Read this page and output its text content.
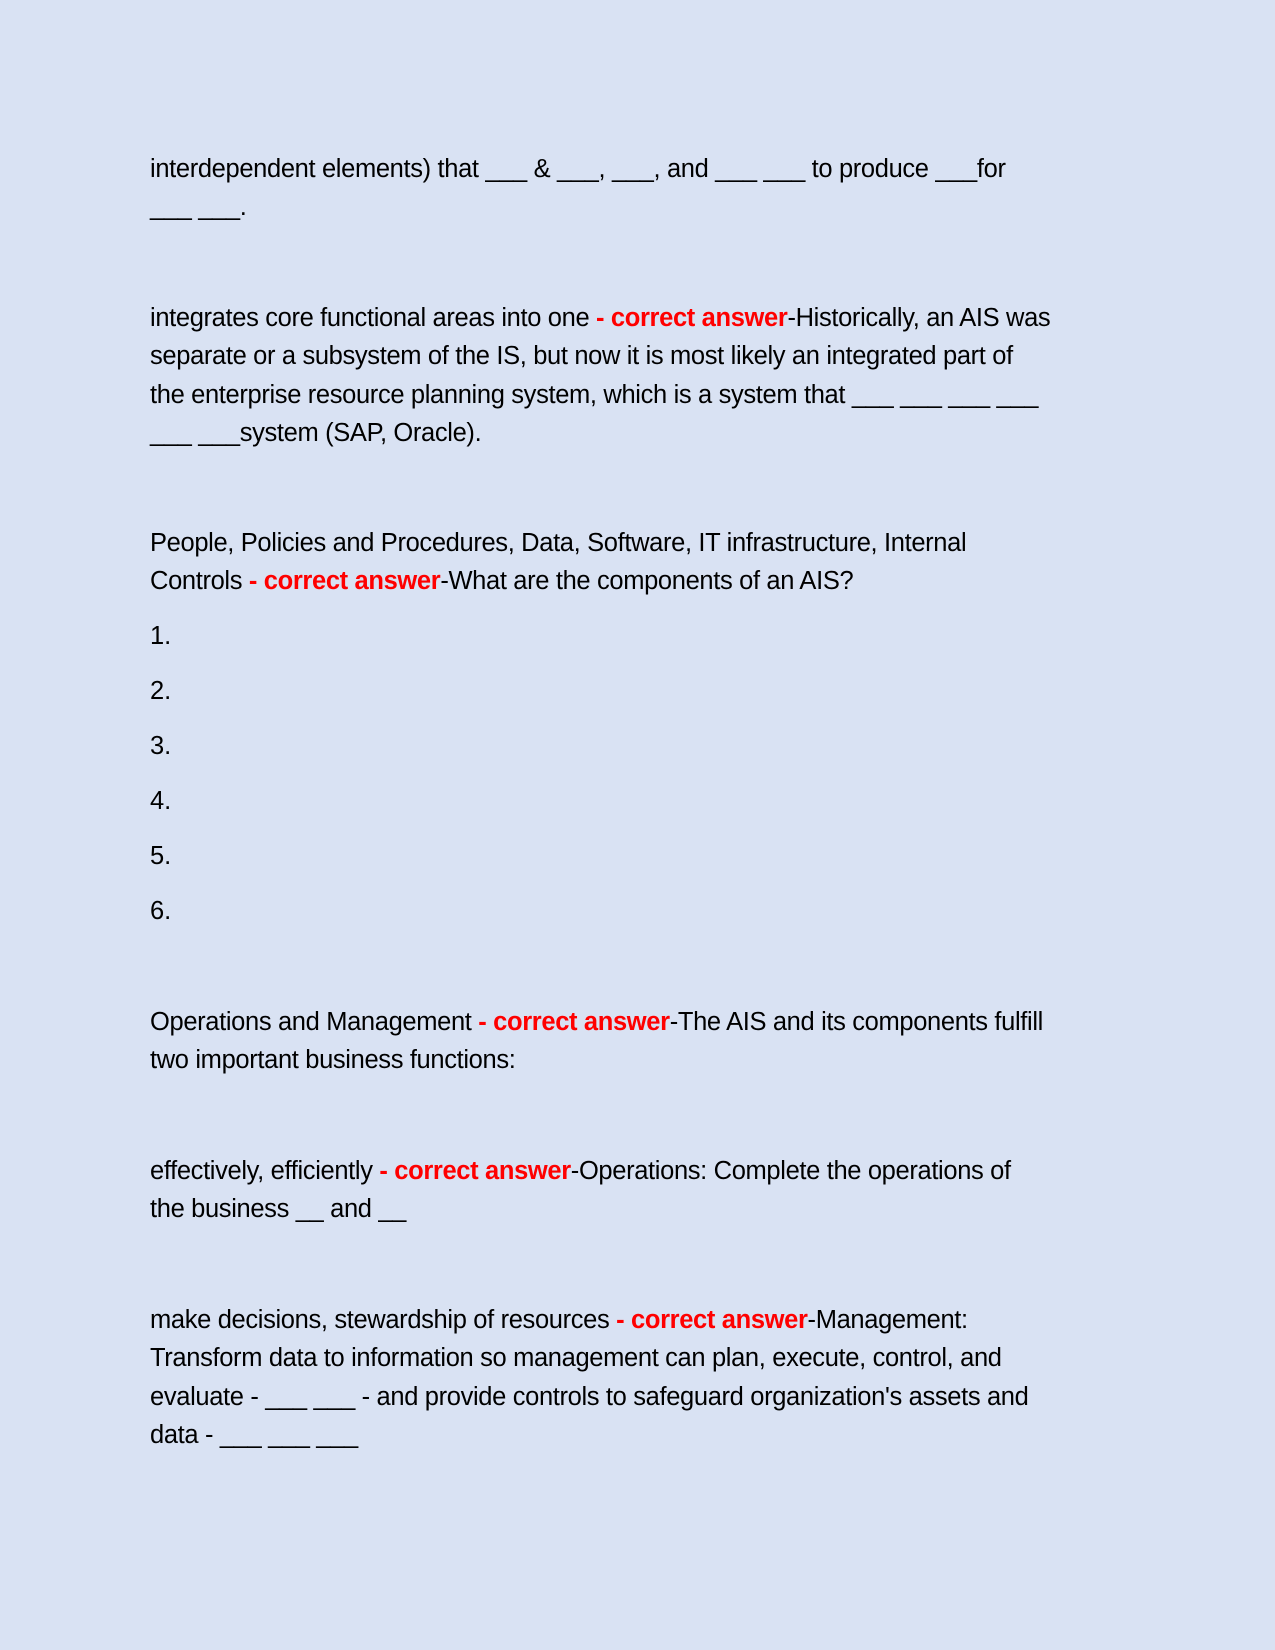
interdependent elements) that ___ & ___, ___, and ___ ___ to produce ___for
___ ___.
integrates core functional areas into one - correct answer-Historically, an AIS was
separate or a subsystem of the IS, but now it is most likely an integrated part of
the enterprise resource planning system, which is a system that ___ ___ ___ ___
___ ___system (SAP, Oracle).
People, Policies and Procedures, Data, Software, IT infrastructure, Internal
Controls - correct answer-What are the components of an AIS?
1.
2.
3.
4.
5.
6.
Operations and Management - correct answer-The AIS and its components fulfill
two important business functions:
effectively, efficiently - correct answer-Operations: Complete the operations of
the business __ and __
make decisions, stewardship of resources - correct answer-Management:
Transform data to information so management can plan, execute, control, and
evaluate - ___ ___ - and provide controls to safeguard organization's assets and
data - ___ ___ ___
